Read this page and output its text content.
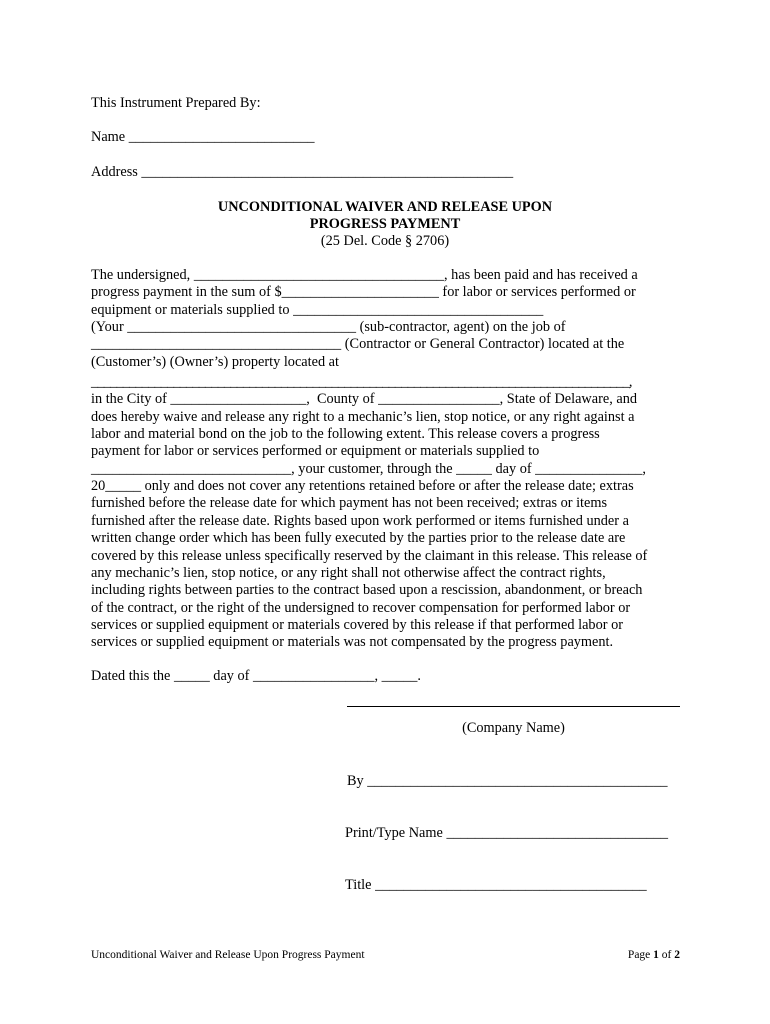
This Instrument Prepared By:
Name __________________________
Address ____________________________________________________
UNCONDITIONAL WAIVER AND RELEASE UPON
PROGRESS PAYMENT
(25 Del. Code § 2706)

The undersigned, ___________________________________, has been paid and has received a

progress payment in the sum of $______________________ for labor or services performed or

equipment or materials supplied to ___________________________________

(Your ________________________________ (sub-contractor, agent) on the job of

___________________________________ (Contractor or General Contractor) located at the

(Customer’s) (Owner’s) property located at

_____________________________________________________________________________________,

in the City of ___________________,  County of _________________, State of Delaware, and

does hereby waive and release any right to a mechanic’s lien, stop notice, or any right against a

labor and material bond on the job to the following extent. This release covers a progress

payment for labor or services performed or equipment or materials supplied to

____________________________, your customer, through the _____ day of _______________,

20_____ only and does not cover any retentions retained before or after the release date; extras

furnished before the release date for which payment has not been received; extras or items

furnished after the release date. Rights based upon work performed or items furnished under a

written change order which has been fully executed by the parties prior to the release date are

covered by this release unless specifically reserved by the claimant in this release. This release of

any mechanic’s lien, stop notice, or any right shall not otherwise affect the contract rights,

including rights between parties to the contract based upon a rescission, abandonment, or breach

of the contract, or the right of the undersigned to recover compensation for performed labor or

services or supplied equipment or materials covered by this release if that performed labor or

services or supplied equipment or materials was not compensated by the progress payment.

Dated this the _____ day of _________________, _____.
(Company Name)
By __________________________________________
Print/Type Name _______________________________
Title ______________________________________
Unconditional Waiver and Release Upon Progress Payment	Page 1 of 2
